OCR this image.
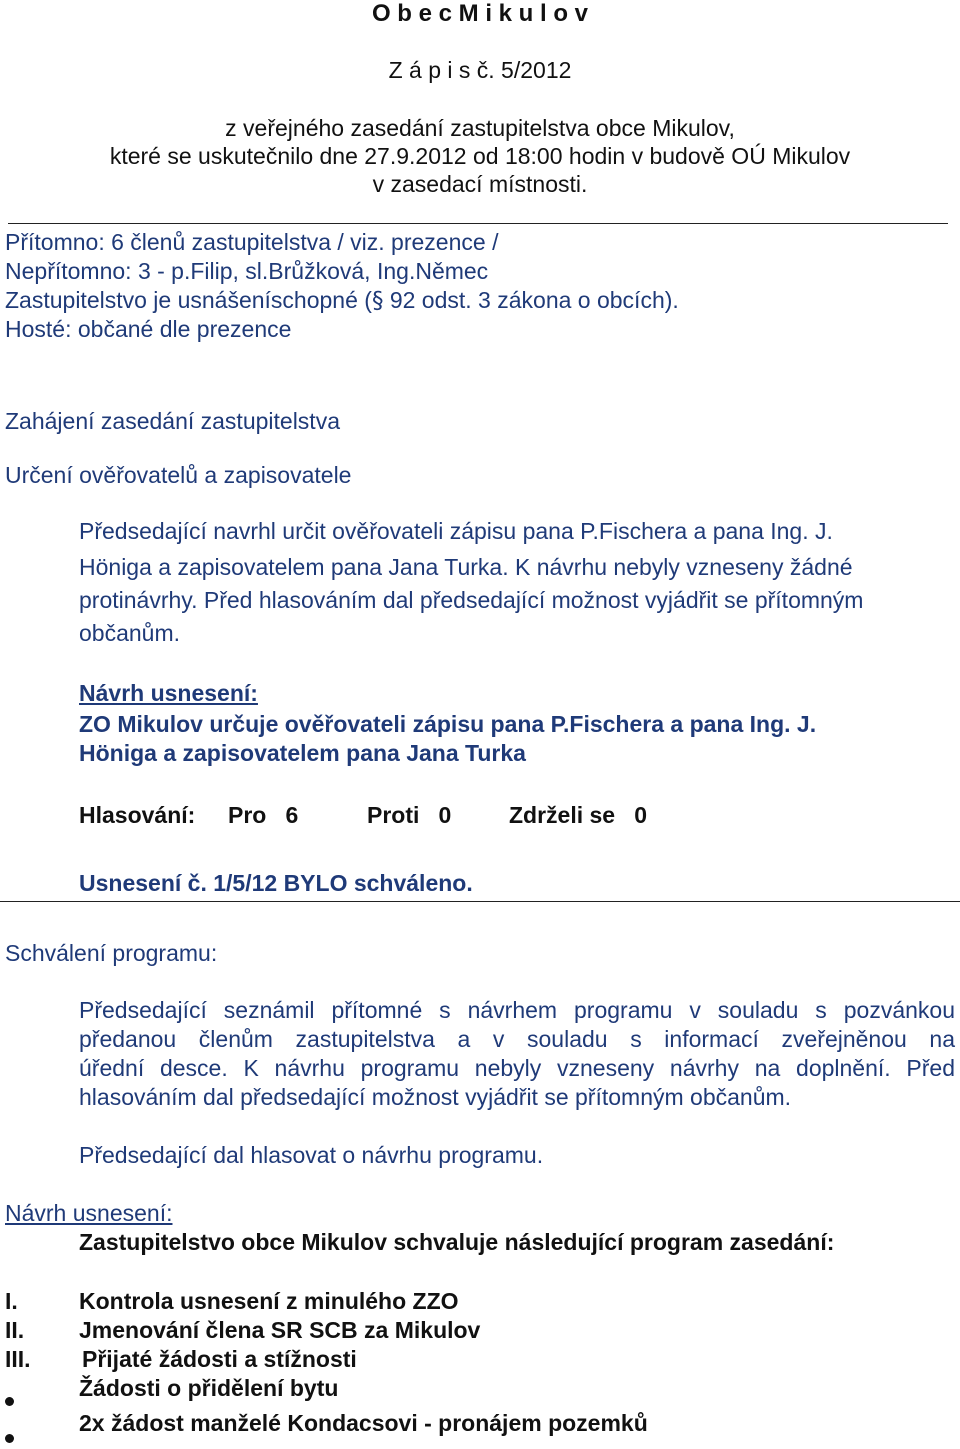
O b e c M i k u l o v
Z á p i s č. 5/2012
z veřejného zasedání zastupitelstva obce Mikulov,
které se uskutečnilo dne 27.9.2012 od 18:00 hodin v budově OÚ Mikulov
v zasedací místnosti.
Přítomno: 6 členů zastupitelstva / viz. prezence /
Nepřítomno: 3 - p.Filip, sl.Brůžková, Ing.Němec
Zastupitelstvo je usnášeníschopné (§ 92 odst. 3 zákona o obcích).
Hosté: občané dle prezence
Zahájení zasedání zastupitelstva
Určení ověřovatelů a zapisovatele
Předsedající navrhl určit ověřovateli zápisu pana P.Fischera a pana Ing. J.
Höniga a zapisovatelem pana Jana Turka. K návrhu nebyly vzneseny žádné
protinávrhy. Před hlasováním dal předsedající možnost vyjádřit se přítomným
občanům.
Návrh usnesení:
ZO Mikulov určuje ověřovateli zápisu pana P.Fischera a pana Ing. J.
Höniga a zapisovatelem pana Jana Turka
Hlasování: Pro   6	Proti   0	Zdrželi se   0
Usnesení č. 1/5/12 BYLO schváleno.
Schválení programu:
Předsedající seznámil přítomné s návrhem programu v souladu s pozvánkou
předanou členům zastupitelstva a v souladu s informací zveřejněnou na
úřední desce. K návrhu programu nebyly vzneseny návrhy na doplnění. Před
hlasováním dal předsedající možnost vyjádřit se přítomným občanům.
Předsedající dal hlasovat o návrhu programu.
Návrh usnesení:
Zastupitelstvo obce Mikulov schvaluje následující program zasedání:
I.	Kontrola usnesení z minulého ZZO
II. Jmenování člena SR SCB za Mikulov
III. Přijaté žádosti a stížnosti
Žádosti o přidělení bytu
2x žádost manželé Kondacsovi - pronájem pozemků
